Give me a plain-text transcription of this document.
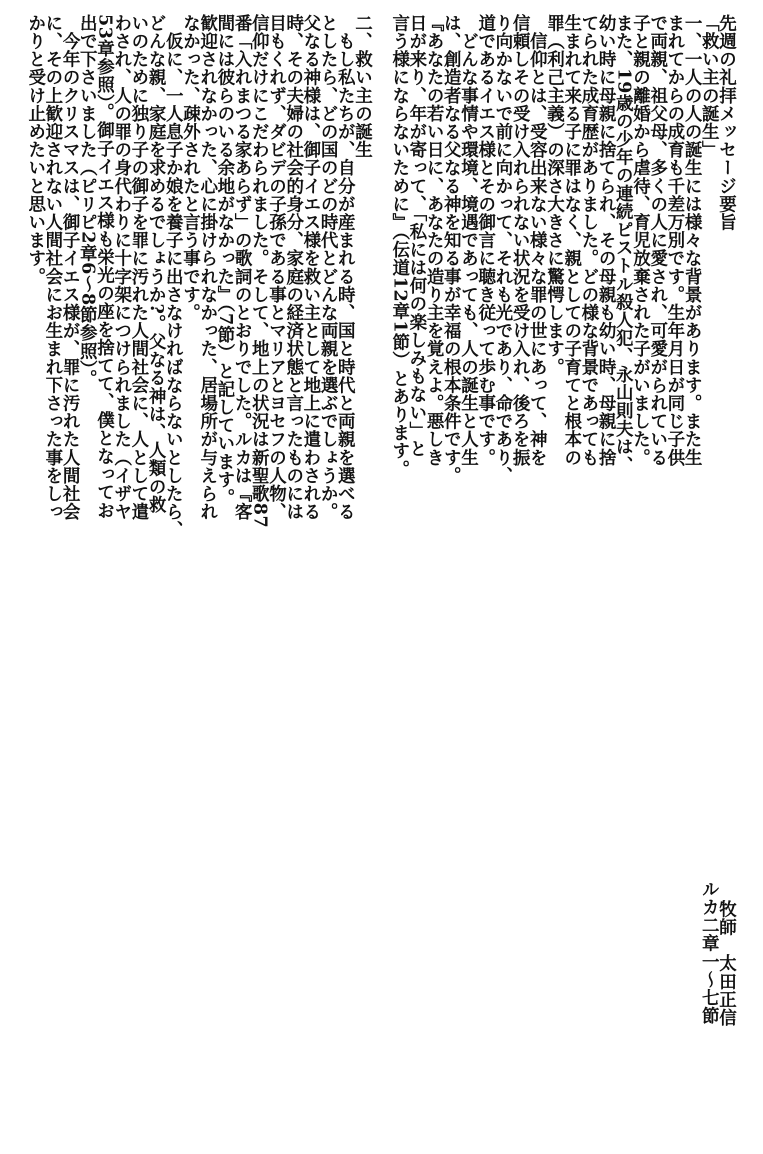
先週の礼拝メッセージ要旨
「救い主の誕生」
ルカ二章一～七節
牧師　太田正信
一、一人の人の誕生には様々な背景があります。また生
まれてからの成育も千差万別です。生年月日が同じ子供
で両親、祖父母、多くの人に愛され、可愛がられている
子と親の離婚から虐待、育児放棄された子がいました。
また、19歳の少年の連続ピストル殺人犯、永山則夫は、
幼い時に母親に捨てられ、その母親も幼い時、母親に捨
てられた成育歴がありました。どの様な背景であっても
生まれて来る子に罪はなく、親としての子育てと根本の
罪（利己主義）の深さ大きさに驚愕します。
　信仰とは、受容出来ない様々な罪の世にあって、神を
信頼しその受け入れられない状況を受け入れ、後ろを振
り向かないで前に向かって、それも光であり、命であり、
道であるイエス様とその御言に聴き従って歩む事です。
　どんな事情や環境、境遇であっても、人の誕生と人生
は、創造者なる父なる神を知る事が幸福の根本条件です。
『あなたの若い日に、あなたの造り主を覚えよ。悪しき
日が来り、年が寄って、「私には何の楽しみもない」と
言う様にならないために』（伝道12章1節）とあります。
二、救い主の誕生
　もし私たちが、自分が産まれる時、国と時代と両親を選べる
としたら、どの国のどの時代とどんな両親を選ぶでしょうか。
父なる神様は、御子イエス様を救い主として地上に遣わされる
時、その夫婦の社会的身分、家庭の経済状態と言ったものには
目もくれず、ダビデの子孫である事とマリアとヨセフの人物、
信仰だけにこだわられました。そして、地上の状況は新聖歌87
番「入れまつる家あらず」の歌詞のとおりでした。ルカは『客
間には彼らのいる余地がなかった』（7節）と記しています。
歓迎されなかった、心に掛けられなかった、居場所が与えられ
なかった、疎外されたと言う事です。
　仮に、一人息子か娘を養子に出さなければならないとしたら、
どんな親、家庭を求めるでしょうか?。父なる神は、人類の救
いのために独り子の御子を罪に汚れた人間社会に、人として遣
わされ、人の罪の身代わりに十字架につけられました（イザヤ
53章参照）。御子イエス様も栄光の座を捨てて、僕となってお
出で下さいました（ピリピ2章6～8節参照）。
　今年のクリスマスは、御子イエス様が、罪に汚れた人間社会
に、その上歓迎されない人間社会にお生まれ下さった事をしっ
かりと受け止めたいと思います。
